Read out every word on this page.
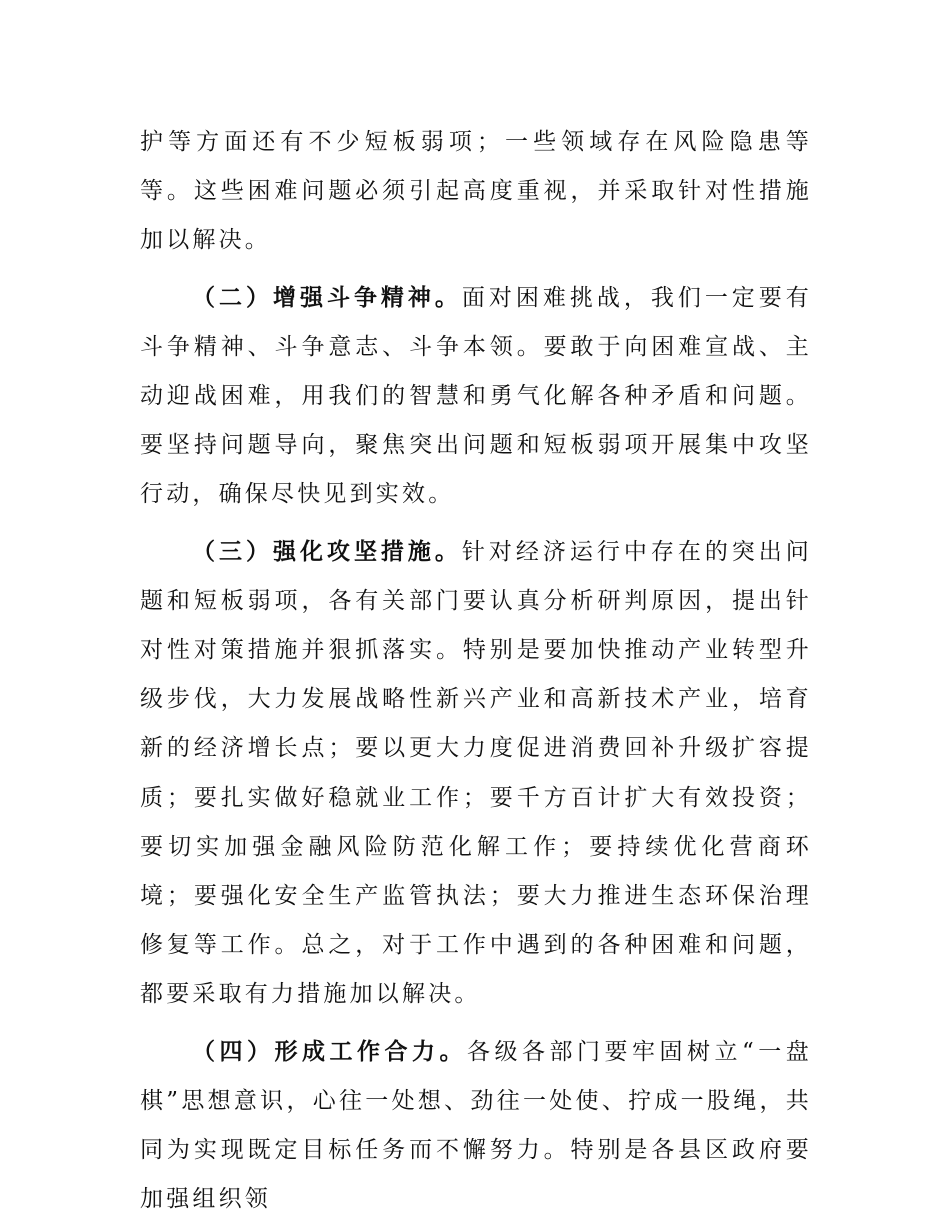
护等方面还有不少短板弱项；一些领域存在风险隐患等等。这些困难问题必须引起高度重视，并采取针对性措施加以解决。

（二）增强斗争精神。面对困难挑战，我们一定要有斗争精神、斗争意志、斗争本领。要敢于向困难宣战、主动迎战困难，用我们的智慧和勇气化解各种矛盾和问题。要坚持问题导向，聚焦突出问题和短板弱项开展集中攻坚行动，确保尽快见到实效。

（三）强化攻坚措施。针对经济运行中存在的突出问题和短板弱项，各有关部门要认真分析研判原因，提出针对性对策措施并狠抓落实。特别是要加快推动产业转型升级步伐，大力发展战略性新兴产业和高新技术产业，培育新的经济增长点；要以更大力度促进消费回补升级扩容提质；要扎实做好稳就业工作；要千方百计扩大有效投资；要切实加强金融风险防范化解工作；要持续优化营商环境；要强化安全生产监管执法；要大力推进生态环保治理修复等工作。总之，对于工作中遇到的各种困难和问题，都要采取有力措施加以解决。

（四）形成工作合力。各级各部门要牢固树立“一盘棋”思想意识，心往一处想、劲往一处使、拧成一股绳，共同为实现既定目标任务而不懈努力。特别是各县区政府要加强组织领
